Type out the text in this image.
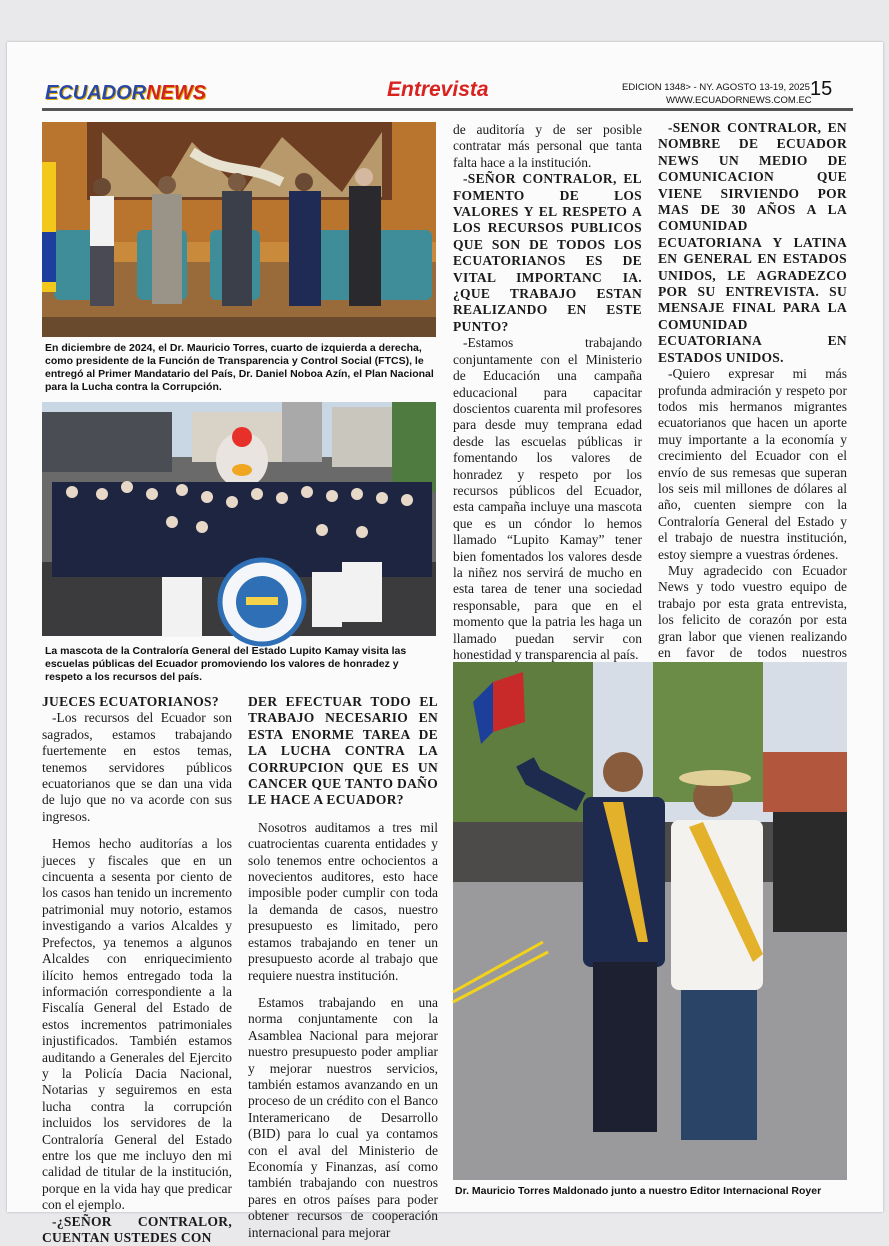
ECUADORNEWS	Entrevista	EDICION 1348> - NY. AGOSTO 13-19, 2025
WWW.ECUADORNEWS.COM.EC
15
En diciembre de 2024, el Dr. Mauricio Torres, cuarto de izquierda a derecha, como presidente de la Función de Transparencia y Control Social (FTCS), le entregó al Primer Mandatario del País, Dr. Daniel Noboa Azín, el Plan Nacional para la Lucha contra la Corrupción.
La mascota de la Contraloría General del Estado Lupito Kamay visita las escuelas públicas del Ecuador promoviendo los valores de honradez y respeto a los recursos del país.

de auditoría y de ser posible contratar más personal que tanta falta hace a la institución.

-SEÑOR CONTRALOR, EL FOMENTO DE LOS VALORES Y EL RESPETO A LOS RECURSOS PUBLICOS QUE SON DE TODOS LOS ECUATORIANOS ES DE VITAL IMPORTANC IA. ¿QUE TRABAJO ESTAN REALIZANDO EN ESTE PUNTO?

-Estamos trabajando conjuntamente con el Ministerio de Educación una campaña educacional para capacitar doscientos cuarenta mil profesores para desde muy temprana edad desde las escuelas públicas ir fomentando los valores de honradez y respeto por los recursos públicos del Ecuador, esta campaña incluye una mascota que es un cóndor lo hemos llamado “Lupito Kamay” tener bien fomentados los valores desde la niñez nos servirá de mucho en esta tarea de tener una sociedad responsable, para que en el momento que la patria les haga un llamado puedan servir con honestidad y transparencia al país.

-SENOR CONTRALOR, EN NOMBRE DE ECUADOR NEWS UN MEDIO DE COMUNICACION QUE VIENE SIRVIENDO POR MAS DE 30 AÑOS A LA COMUNIDAD ECUATORIANA Y LATINA EN GENERAL EN ESTADOS UNIDOS, LE AGRADEZCO POR SU ENTREVISTA. SU MENSAJE FINAL PARA LA COMUNIDAD ECUATORIANA EN ESTADOS UNIDOS.

-Quiero expresar mi más profunda admiración y respeto por todos mis hermanos migrantes ecuatorianos que hacen un aporte muy importante a la economía y crecimiento del Ecuador con el envío de sus remesas que superan los seis mil millones de dólares al año, cuenten siempre con la Contraloría General del Estado y el trabajo de nuestra institución, estoy siempre a vuestras órdenes.

Muy agradecido con Ecuador News y todo vuestro equipo de trabajo por esta grata entrevista, los felicito de corazón por esta gran labor que vienen realizando en favor de todos nuestros

JUECES ECUATORIANOS?

-Los recursos del Ecuador son sagrados, estamos trabajando fuertemente en estos temas, tenemos servidores públicos ecuatorianos que se dan una vida de lujo que no va acorde con sus ingresos.

Hemos hecho auditorías a los jueces y fiscales que en un cincuenta a sesenta por ciento de los casos han tenido un incremento patrimonial muy notorio, estamos investigando a varios Alcaldes y Prefectos, ya tenemos a algunos Alcaldes con enriquecimiento ilícito hemos entregado toda la información correspondiente a la Fiscalía General del Estado de estos incrementos patrimoniales injustificados. También estamos auditando a Generales del Ejercito y la Policía Dacia Nacional, Notarias y seguiremos en esta lucha contra la corrupción incluidos los servidores de la Contraloría General del Estado entre los que me incluyo den mi calidad de titular de la institución, porque en la vida hay que predicar con el ejemplo.

-¿SEÑOR CONTRALOR, CUENTAN USTEDES CON

DER EFECTUAR TODO EL TRABAJO NECESARIO EN ESTA ENORME TAREA DE LA LUCHA CONTRA LA CORRUPCION QUE ES UN CANCER QUE TANTO DAÑO LE HACE A ECUADOR?

Nosotros auditamos a tres mil cuatrocientas cuarenta entidades y solo tenemos entre ochocientos a novecientos auditores, esto hace imposible poder cumplir con toda la demanda de casos, nuestro presupuesto es limitado, pero estamos trabajando en tener un presupuesto acorde al trabajo que requiere nuestra institución.

Estamos trabajando en una norma conjuntamente con la Asamblea Nacional para mejorar nuestro presupuesto poder ampliar y mejorar nuestros servicios, también estamos avanzando en un proceso de un crédito con el Banco Interamericano de Desarrollo (BID) para lo cual ya contamos con el aval del Ministerio de Economía y Finanzas, así como también trabajando con nuestros pares en otros países para poder obtener recursos de cooperación internacional para mejorar

Dr. Mauricio Torres Maldonado junto a nuestro Editor Internacional Royer
